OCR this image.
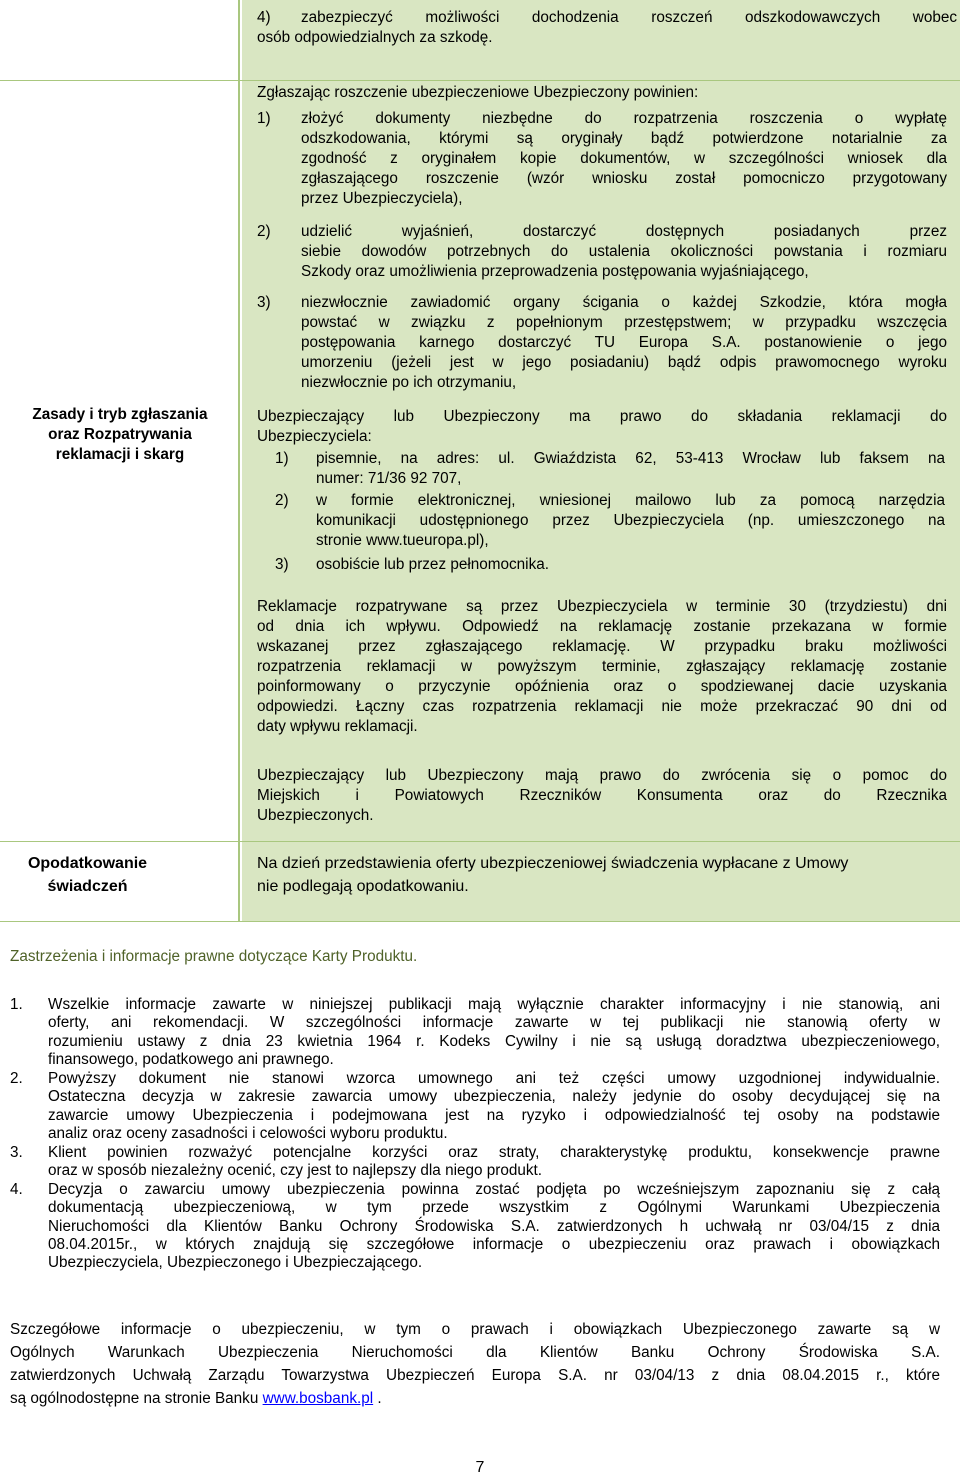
4) zabezpieczyć możliwości dochodzenia roszczeń odszkodowawczych wobec
osób odpowiedzialnych za szkodę.
Zasady i tryb zgłaszania
oraz Rozpatrywania
reklamacji i skarg
Zgłaszając roszczenie ubezpieczeniowe Ubezpieczony powinien:
1) złożyć dokumenty niezbędne do rozpatrzenia roszczenia o wypłatę
odszkodowania, którymi są oryginały bądź potwierdzone notarialnie za
zgodność z oryginałem kopie dokumentów, w szczególności wniosek dla
zgłaszającego roszczenie (wzór wniosku został pomocniczo przygotowany
przez Ubezpieczyciela),
2) udzielić wyjaśnień, dostarczyć dostępnych posiadanych przez
siebie dowodów potrzebnych do ustalenia okoliczności powstania i rozmiaru
Szkody oraz umożliwienia przeprowadzenia postępowania wyjaśniającego,
3) niezwłocznie zawiadomić organy ścigania o każdej Szkodzie, która mogła
powstać w związku z popełnionym przestępstwem; w przypadku wszczęcia
postępowania karnego dostarczyć TU Europa S.A. postanowienie o jego
umorzeniu (jeżeli jest w jego posiadaniu) bądź odpis prawomocnego wyroku
niezwłocznie po ich otrzymaniu,
Ubezpieczający lub Ubezpieczony ma prawo do składania reklamacji do
Ubezpieczyciela:
1) pisemnie, na adres: ul. Gwiaździsta 62, 53-413 Wrocław lub faksem na
numer: 71/36 92 707,
2) w formie elektronicznej, wniesionej mailowo lub za pomocą narzędzia
komunikacji udostępnionego przez Ubezpieczyciela (np. umieszczonego na
stronie www.tueuropa.pl),
3) osobiście lub przez pełnomocnika.
Reklamacje rozpatrywane są przez Ubezpieczyciela w terminie 30 (trzydziestu) dni
od dnia ich wpływu. Odpowiedź na reklamację zostanie przekazana w formie
wskazanej przez zgłaszającego reklamację. W przypadku braku możliwości
rozpatrzenia reklamacji w powyższym terminie, zgłaszający reklamację zostanie
poinformowany o przyczynie opóźnienia oraz o spodziewanej dacie uzyskania
odpowiedzi. Łączny czas rozpatrzenia reklamacji nie może przekraczać 90 dni od
daty wpływu reklamacji.
Ubezpieczający lub Ubezpieczony mają prawo do zwrócenia się o pomoc do
Miejskich i Powiatowych Rzeczników Konsumenta oraz do Rzecznika
Ubezpieczonych.
Opodatkowanie
świadczeń
Na dzień przedstawienia oferty ubezpieczeniowej świadczenia wypłacane z Umowy
nie podlegają opodatkowaniu.
Zastrzeżenia i informacje prawne dotyczące Karty Produktu.
1. Wszelkie informacje zawarte w niniejszej publikacji mają wyłącznie charakter informacyjny i nie stanowią, ani
oferty, ani rekomendacji. W szczególności informacje zawarte w tej publikacji nie stanowią oferty w
rozumieniu ustawy z dnia 23 kwietnia 1964 r. Kodeks Cywilny i nie są usługą doradztwa ubezpieczeniowego,
finansowego, podatkowego ani prawnego.
2. Powyższy dokument nie stanowi wzorca umownego ani też części umowy uzgodnionej indywidualnie.
Ostateczna decyzja w zakresie zawarcia umowy ubezpieczenia, należy jedynie do osoby decydującej się na
zawarcie umowy Ubezpieczenia i podejmowana jest na ryzyko i odpowiedzialność tej osoby na podstawie
analiz oraz oceny zasadności i celowości wyboru produktu.
3. Klient powinien rozważyć potencjalne korzyści oraz straty, charakterystykę produktu, konsekwencje prawne
oraz w sposób niezależny ocenić, czy jest to najlepszy dla niego produkt.
4. Decyzja o zawarciu umowy ubezpieczenia powinna zostać podjęta po wcześniejszym zapoznaniu się z całą
dokumentacją ubezpieczeniową, w tym przede wszystkim z Ogólnymi Warunkami Ubezpieczenia
Nieruchomości dla Klientów Banku Ochrony Środowiska S.A. zatwierdzonych h uchwałą nr 03/04/15 z dnia
08.04.2015r., w których znajdują się szczegółowe informacje o ubezpieczeniu oraz prawach i obowiązkach
Ubezpieczyciela, Ubezpieczonego i Ubezpieczającego.
Szczegółowe informacje o ubezpieczeniu, w tym o prawach i obowiązkach Ubezpieczonego zawarte są w
Ogólnych Warunkach Ubezpieczenia Nieruchomości dla Klientów Banku Ochrony Środowiska S.A.
zatwierdzonych Uchwałą Zarządu Towarzystwa Ubezpieczeń Europa S.A. nr 03/04/13 z dnia 08.04.2015 r., które
są ogólnodostępne na stronie Banku www.bosbank.pl .
7
